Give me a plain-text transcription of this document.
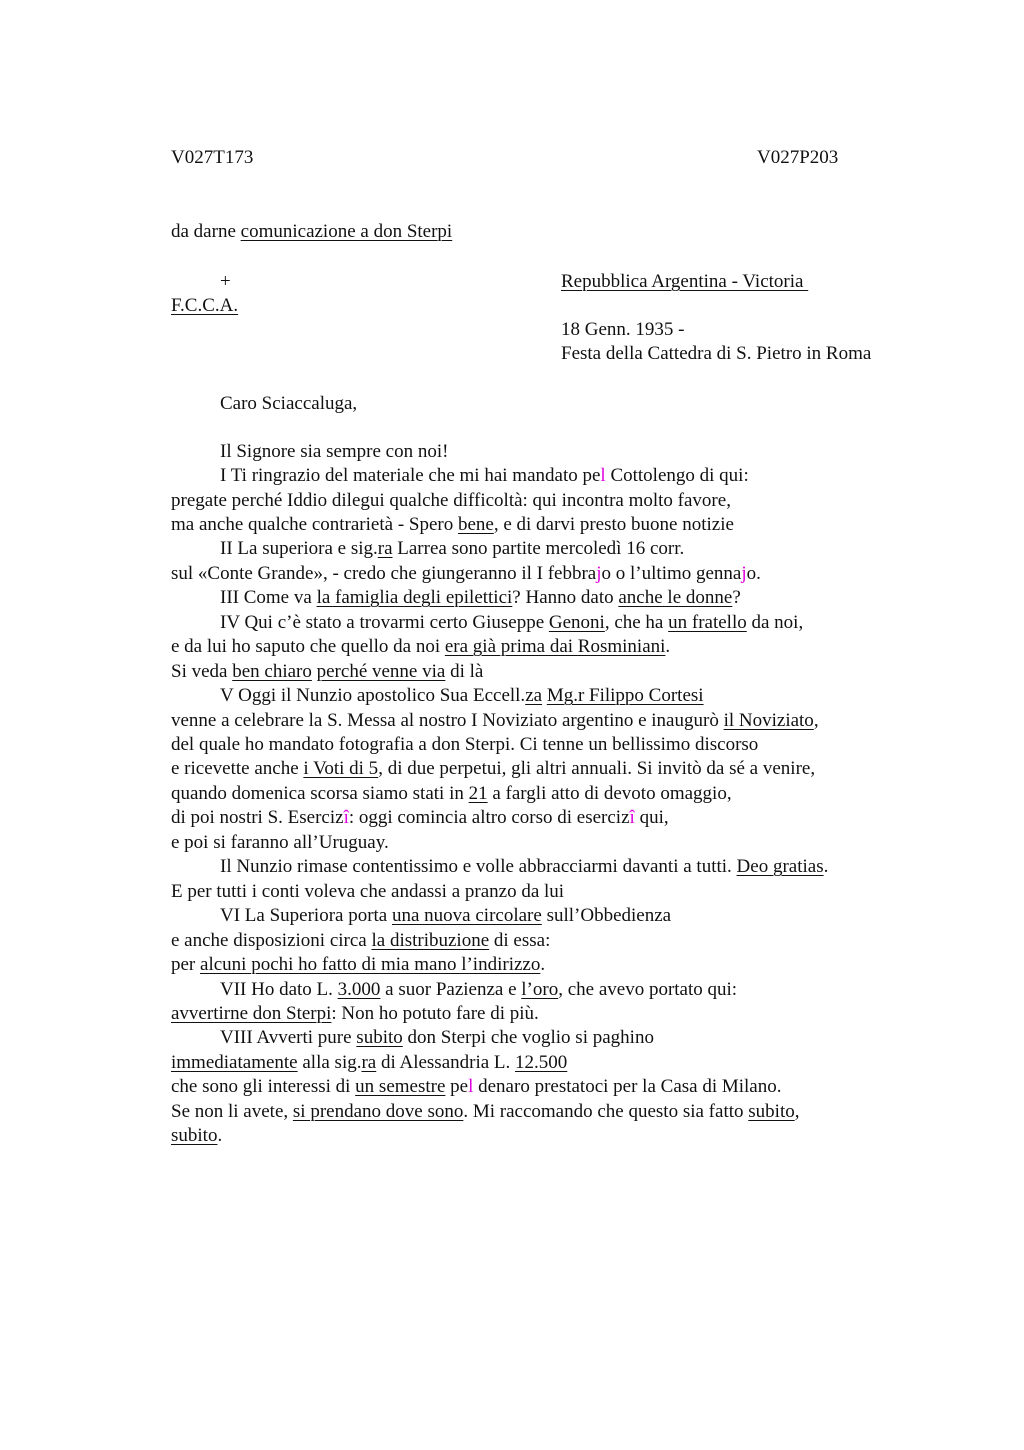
V027T173	V027P203
da darne comunicazione a don Sterpi
+
F.C.C.A.
Repubblica Argentina - Victoria
18 Genn. 1935 -
Festa della Cattedra di S. Pietro in Roma
Caro Sciaccaluga,
Il Signore sia sempre con noi!
I Ti ringrazio del materiale che mi hai mandato pel Cottolengo di qui:
pregate perché Iddio dilegui qualche difficoltà: qui incontra molto favore,
ma anche qualche contrarietà - Spero bene, e di darvi presto buone notizie
II La superiora e sig.ra Larrea sono partite mercoledì 16 corr.
sul «Conte Grande», - credo che giungeranno il I febbrajo o l’ultimo gennajo.
III Come va la famiglia degli epilettici? Hanno dato anche le donne?
IV Qui c’è stato a trovarmi certo Giuseppe Genoni, che ha un fratello da noi,
e da lui ho saputo che quello da noi era già prima dai Rosminiani.
Si veda ben chiaro perché venne via di là
V Oggi il Nunzio apostolico Sua Eccell.za Mg.r Filippo Cortesi
venne a celebrare la S. Messa al nostro I Noviziato argentino e inaugurò il Noviziato,
del quale ho mandato fotografia a don Sterpi. Ci tenne un bellissimo discorso
e ricevette anche i Voti di 5, di due perpetui, gli altri annuali. Si invitò da sé a venire,
quando domenica scorsa siamo stati in 21 a fargli atto di devoto omaggio,
di poi nostri S. Esercizî: oggi comincia altro corso di esercizî qui,
e poi si faranno all’Uruguay.
Il Nunzio rimase contentissimo e volle abbracciarmi davanti a tutti. Deo gratias.
E per tutti i conti voleva che andassi a pranzo da lui
VI La Superiora porta una nuova circolare sull’Obbedienza
e anche disposizioni circa la distribuzione di essa:
per alcuni pochi ho fatto di mia mano l’indirizzo.
VII Ho dato L. 3.000 a suor Pazienza e l’oro, che avevo portato qui:
avvertirne don Sterpi: Non ho potuto fare di più.
VIII Avverti pure subito don Sterpi che voglio si paghino
immediatamente alla sig.ra di Alessandria L. 12.500
che sono gli interessi di un semestre pel denaro prestatoci per la Casa di Milano.
Se non li avete, si prendano dove sono. Mi raccomando che questo sia fatto subito,
subito.
